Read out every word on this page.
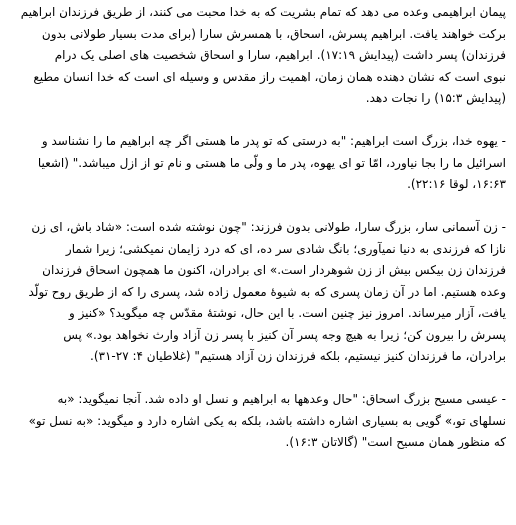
پیمان ابراهیمی وعده می دهد که تمام بشریت که به خدا محبت می کنند، از طریق فرزندان ابراهیم
برکت خواهند یافت. ابراهیم پسرش، اسحاق، با همسرش سارا (برای مدت بسیار طولانی بدون
فرزندان) پسر داشت (پیدایش ۱۷:۱۹). ابراهیم، سارا و اسحاق شخصیت های اصلی یک درام
نبوی است که نشان دهنده همان زمان، اهمیت راز مقدس و وسیله ای است که خدا انسان مطیع
(پیدایش ۱۵:۳) را نجات دهد.

- یهوه خدا، بزرگ است ابراهیم: "به درستی که تو پدر ما هستی اگر چه ابراهیم ما را نشناسد و
اسرائیل ما را بجا نیاورد، امّا تو ای یهوه، پدر ما و ولّی ما هستی و نام تو از ازل میباشد." (اشعیا
۱۶:۶۳، لوقا ۲۲:۱۶).

- زن آسمانی سار، بزرگ سارا، طولانی بدون فرزند: "چون نوشته شده است: «شاد باش، ای زن
نازا که فرزندی به دنیا نمیآوری؛ بانگ شادی سر ده، ای که درد زایمان نمیکشی؛ زیرا شمار
فرزندان زن بیکس بیش از زن شوهردار است.» ای برادران، اکنون ما همچون اسحاق فرزندان
وعده هستیم. اما در آن زمان پسری که به شیوۀ معمول زاده شد، پسری را که از طریق روح تولّد
یافت، آزار میرساند. امروز نیز چنین است. با این حال، نوشتۀ مقدّس چه میگوید؟ «کنیز و
پسرش را بیرون کن؛ زیرا به هیچ وجه پسر آن کنیز با پسر زن آزاد وارث نخواهد بود.» پس
برادران، ما فرزندان کنیز نیستیم، بلکه فرزندان زن آزاد هستیم" (غلاطیان ۴: ۲۷-۳۱).

- عیسی مسیح بزرگ اسحاق: "حال وعدهها به ابراهیم و نسل او داده شد. آنجا نمیگوید: «به
نسلهای تو،» گویی به بسیاری اشاره داشته باشد، بلکه به یکی اشاره دارد و میگوید: «به نسل تو»
که منظور همان مسیح است" (گالاتان ۱۶:۳).
